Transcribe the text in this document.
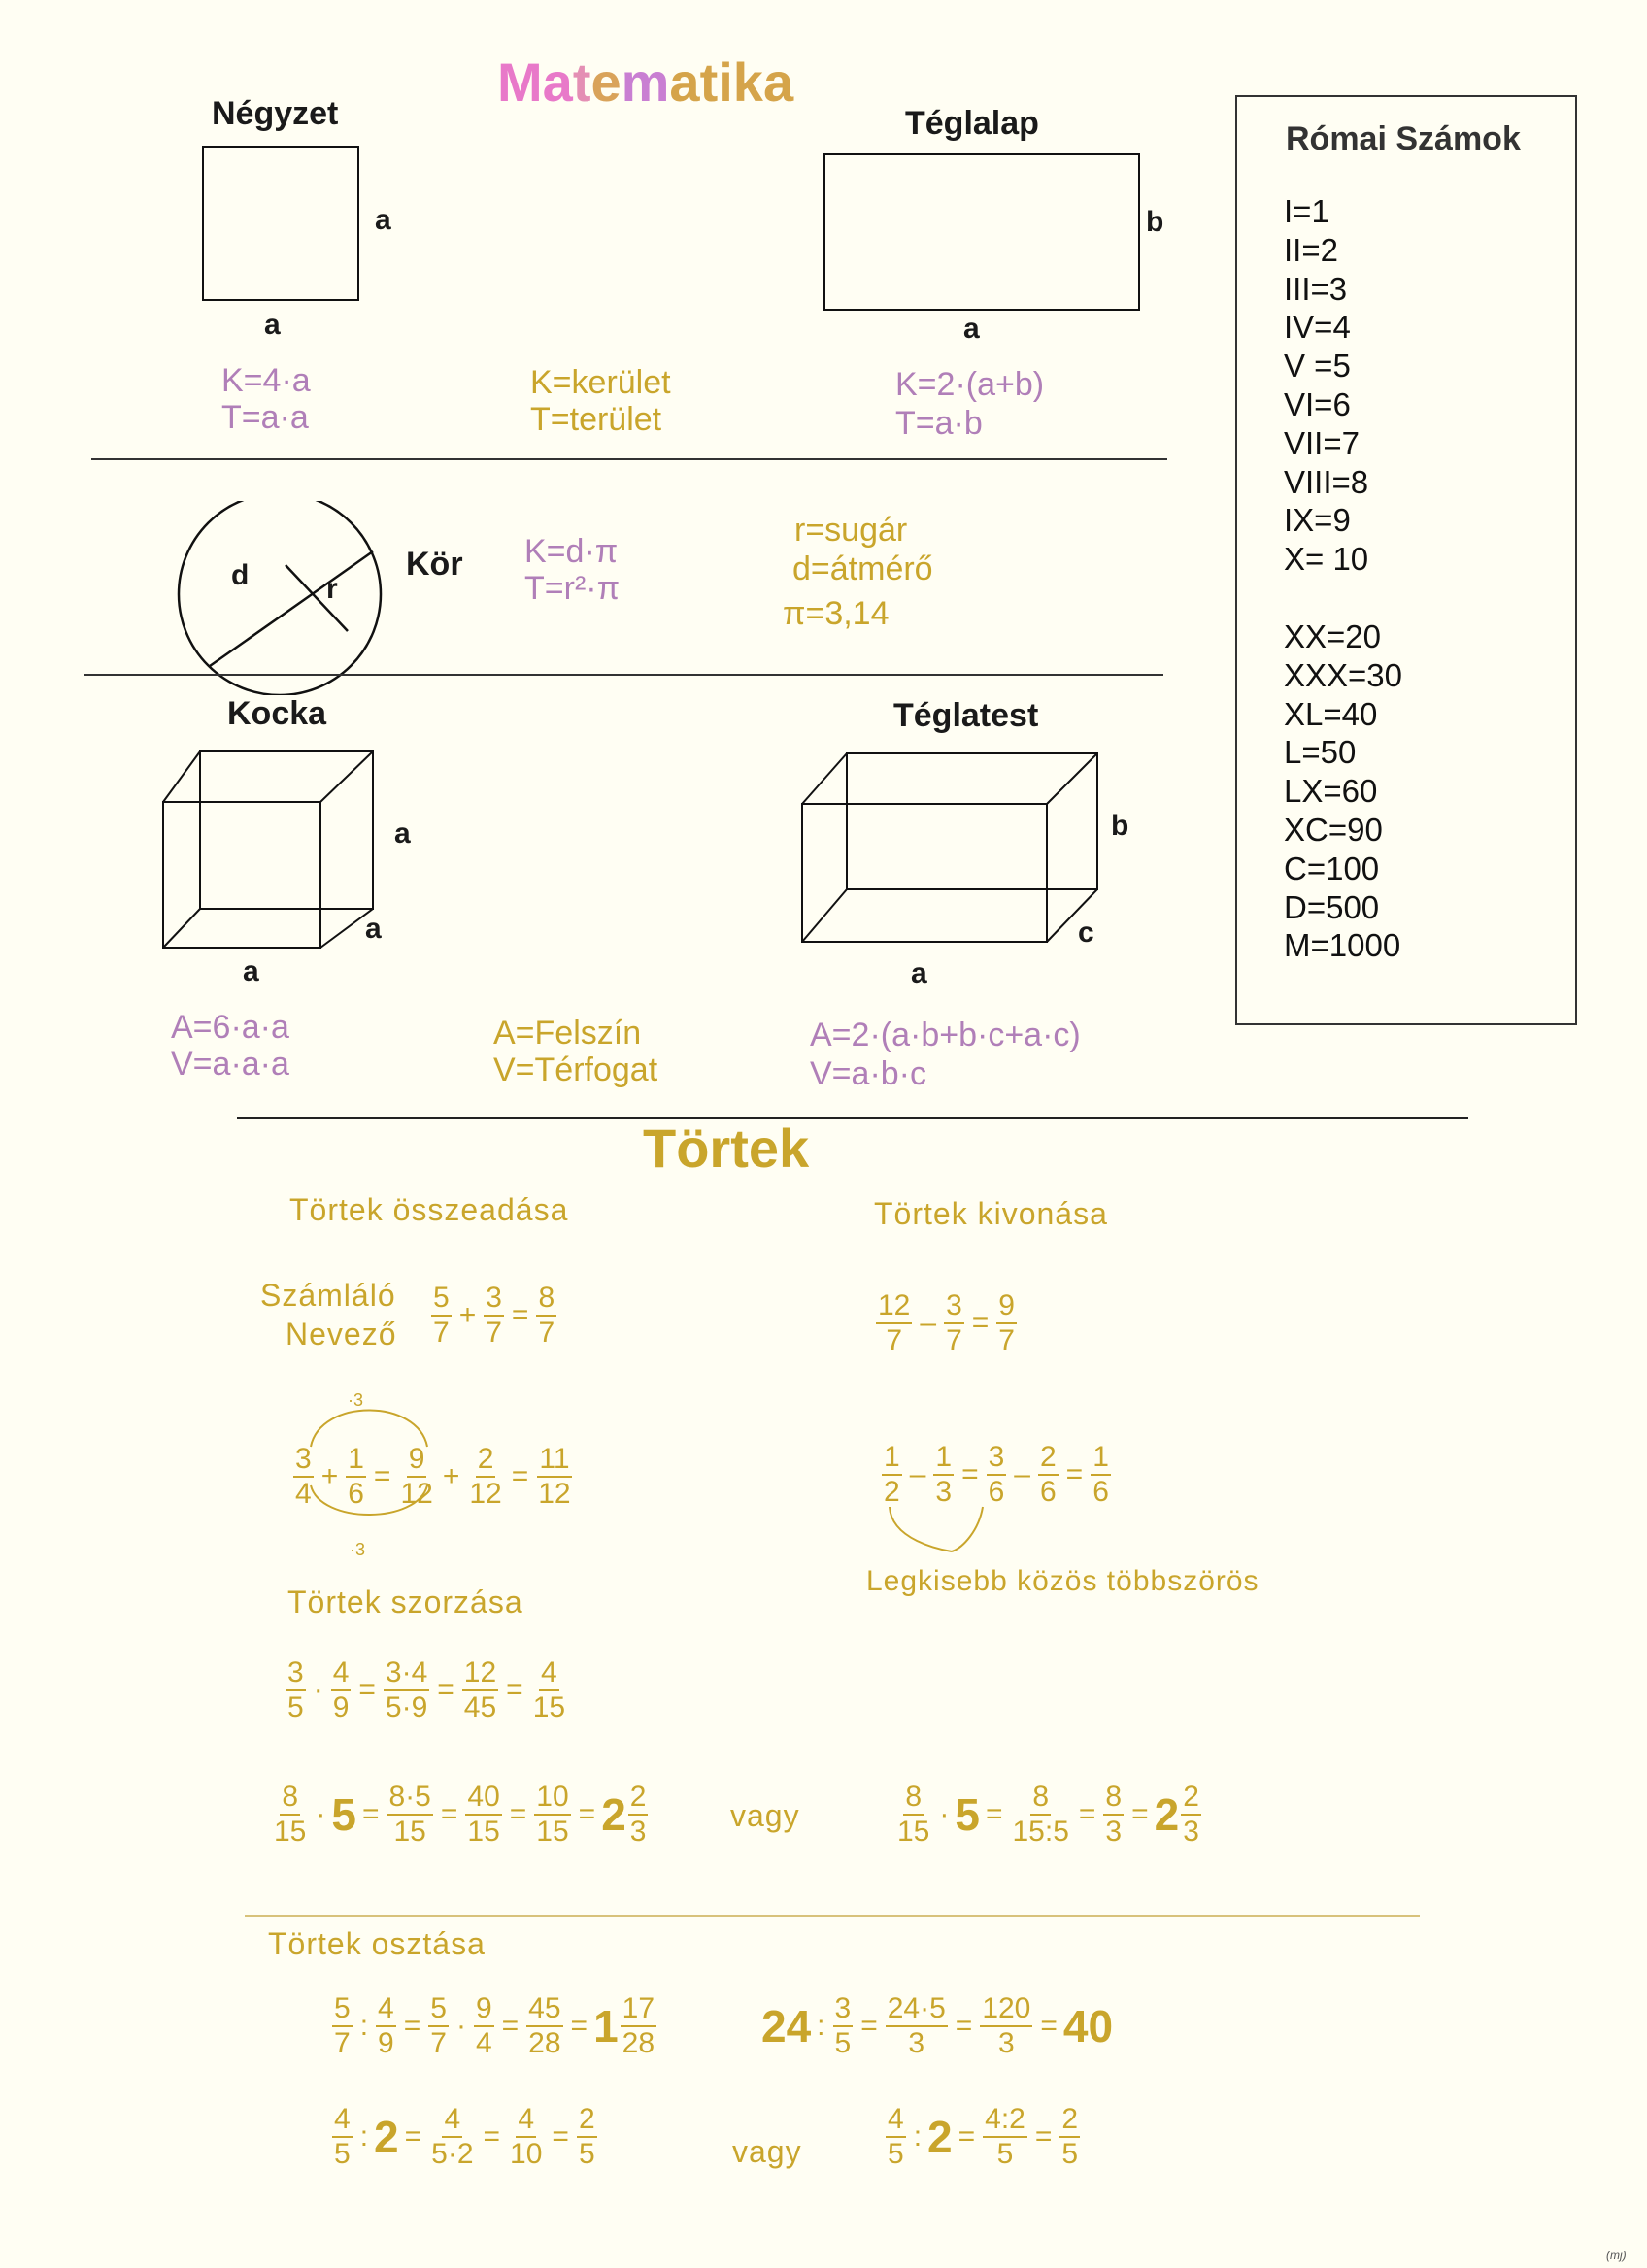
Matematika
Négyzet
a
a
K=4·a
T=a·a
K=kerület
T=terület
Téglalap
b
a
K=2·(a+b)
T=a·b
d	r
Kör K=d·π
T=r²·π
r=sugár
d=átmérő
π=3,14
Kocka
a
a
a
A=6·a·a
V=a·a·a
A=Felszín
V=Térfogat
Téglatest
b
c
a
A=2·(a·b+b·c+a·c)
V=a·b·c
Római Számok
I=1
II=2
III=3
IV=4
V =5
VI=6
VII=7
VIII=8
IX=9
X= 10
XX=20
XXX=30
XL=40
L=50
LX=60
XC=90
C=100
D=500
M=1000
Törtek
Törtek összeadása	Törtek kivonása
Számláló
Nevező $\frac{5}{7} + \frac{3}{7} = \frac{8}{7}$
·3
·3
$\frac{3}{4} + \frac{1}{6} = \frac{9}{12} + \frac{2}{12} = \frac{11}{12}$
$\frac{12}{7} - \frac{3}{7} = \frac{9}{7}$
$\frac{1}{2} - \frac{1}{3} = \frac{3}{6} - \frac{2}{6} = \frac{1}{6}$
Legkisebb közös többszörös
Törtek szorzása
$\frac{3}{5} \cdot \frac{4}{9} = \frac{3\cdot 4}{5\cdot 9} = \frac{12}{45} = \frac{4}{15}$
$\frac{8}{15} \cdot 5 = \frac{8\cdot 5}{15} = \frac{40}{15} = \frac{10}{15} = 2 \frac{2}{3}$	vagy	$\frac{8}{15} \cdot 5 = \frac{8}{15:5} = \frac{8}{3} = 2 \frac{2}{3}$
Törtek osztása
$\frac{5}{7}$ : $\frac{4}{9} = \frac{5}{7} \cdot \frac{9}{4} = \frac{45}{28} = 1 \frac{17}{28} 24$ : $\frac{3}{5} = \frac{24\cdot 5}{3} = \frac{120}{3} = 40$
$\frac{4}{5}$ : $2 = \frac{4}{5\cdot 2} = \frac{4}{10} = \frac{2}{5}$	vagy	$\frac{4}{5}$ : $2 = \frac{4:2}{5} = \frac{2}{5}$
(mj)
